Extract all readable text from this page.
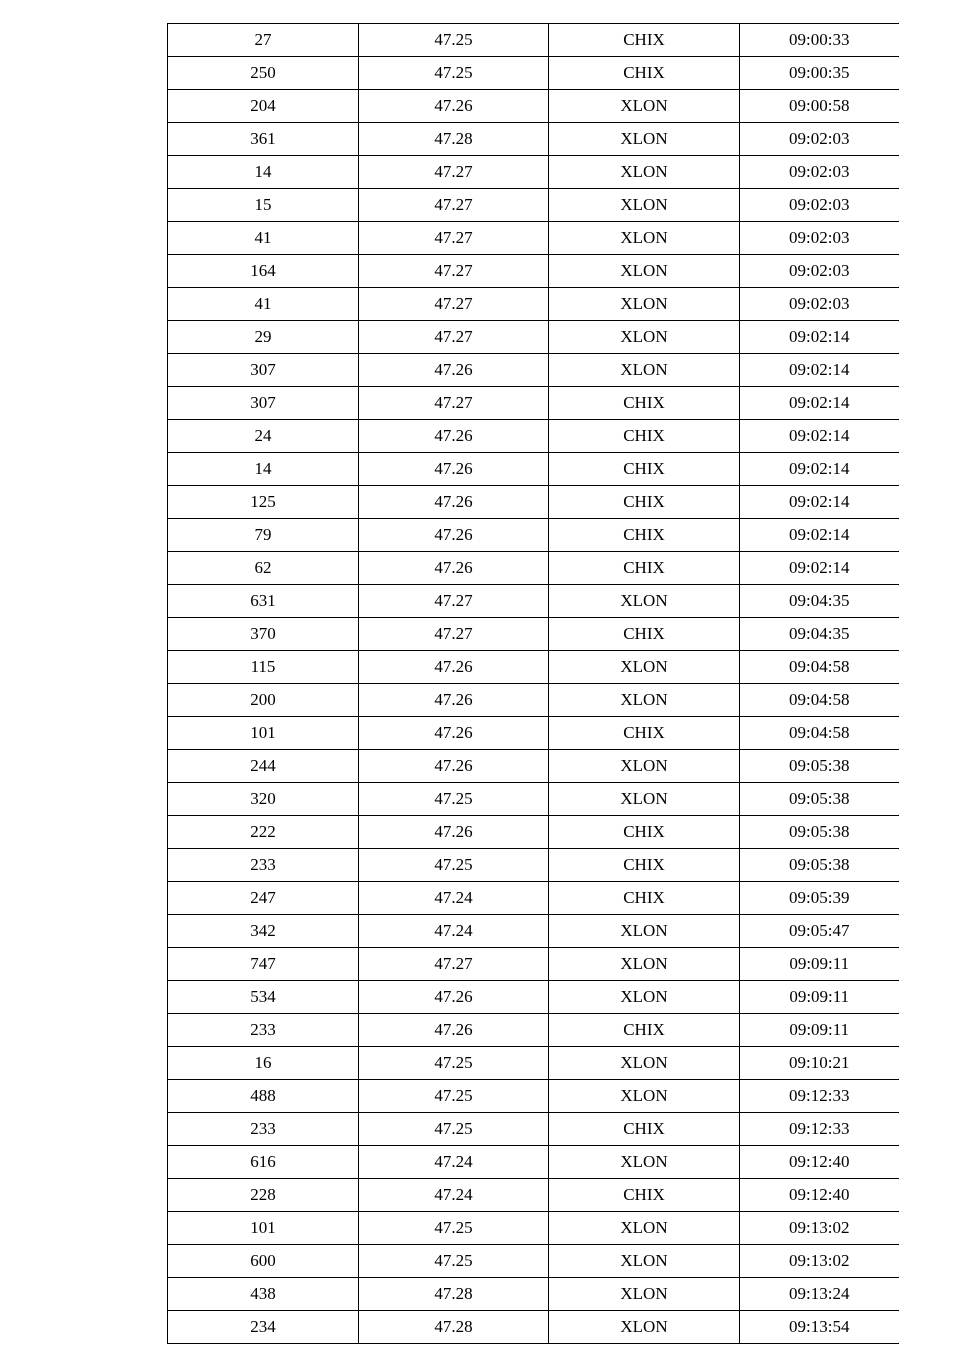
27	47.25	CHIX	09:00:33
250	47.25	CHIX	09:00:35
204	47.26	XLON	09:00:58
361	47.28	XLON	09:02:03
14	47.27	XLON	09:02:03
15	47.27	XLON	09:02:03
41	47.27	XLON	09:02:03
164	47.27	XLON	09:02:03
41	47.27	XLON	09:02:03
29	47.27	XLON	09:02:14
307	47.26	XLON	09:02:14
307	47.27	CHIX	09:02:14
24	47.26	CHIX	09:02:14
14	47.26	CHIX	09:02:14
125	47.26	CHIX	09:02:14
79	47.26	CHIX	09:02:14
62	47.26	CHIX	09:02:14
631	47.27	XLON	09:04:35
370	47.27	CHIX	09:04:35
115	47.26	XLON	09:04:58
200	47.26	XLON	09:04:58
101	47.26	CHIX	09:04:58
244	47.26	XLON	09:05:38
320	47.25	XLON	09:05:38
222	47.26	CHIX	09:05:38
233	47.25	CHIX	09:05:38
247	47.24	CHIX	09:05:39
342	47.24	XLON	09:05:47
747	47.27	XLON	09:09:11
534	47.26	XLON	09:09:11
233	47.26	CHIX	09:09:11
16	47.25	XLON	09:10:21
488	47.25	XLON	09:12:33
233	47.25	CHIX	09:12:33
616	47.24	XLON	09:12:40
228	47.24	CHIX	09:12:40
101	47.25	XLON	09:13:02
600	47.25	XLON	09:13:02
438	47.28	XLON	09:13:24
234	47.28	XLON	09:13:54
